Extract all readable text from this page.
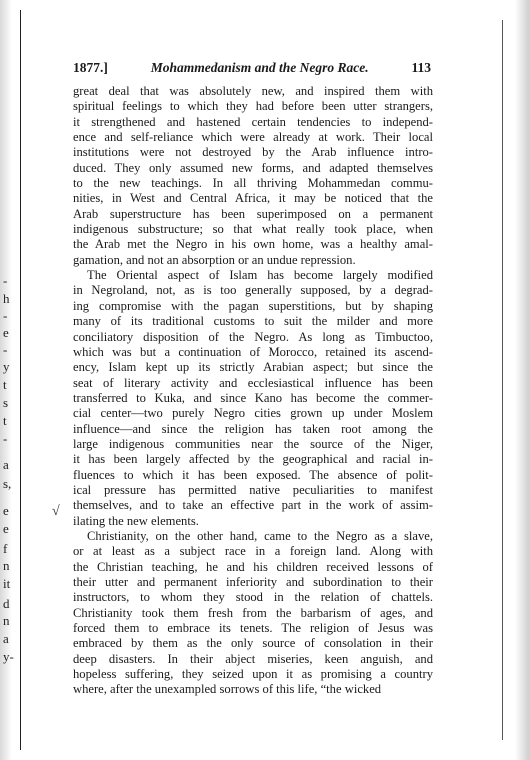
-
h
-
e
-
y
t
s
t
-
a
s,
e
e
f
n
it
d
n
a
y-
√
1877.]	Mohammedanism and the Negro Race.	113
great deal that was absolutely new, and inspired them with
spiritual feelings to which they had before been utter strangers,
it strengthened and hastened certain tendencies to independ-
ence and self-reliance which were already at work. Their local
institutions were not destroyed by the Arab influence intro-
duced. They only assumed new forms, and adapted themselves
to the new teachings. In all thriving Mohammedan commu-
nities, in West and Central Africa, it may be noticed that the
Arab superstructure has been superimposed on a permanent
indigenous substructure; so that what really took place, when
the Arab met the Negro in his own home, was a healthy amal-
gamation, and not an absorption or an undue repression.
The Oriental aspect of Islam has become largely modified
in Negroland, not, as is too generally supposed, by a degrad-
ing compromise with the pagan superstitions, but by shaping
many of its traditional customs to suit the milder and more
conciliatory disposition of the Negro. As long as Timbuctoo,
which was but a continuation of Morocco, retained its ascend-
ency, Islam kept up its strictly Arabian aspect; but since the
seat of literary activity and ecclesiastical influence has been
transferred to Kuka, and since Kano has become the commer-
cial center—two purely Negro cities grown up under Moslem
influence—and since the religion has taken root among the
large indigenous communities near the source of the Niger,
it has been largely affected by the geographical and racial in-
fluences to which it has been exposed. The absence of polit-
ical pressure has permitted native peculiarities to manifest
themselves, and to take an effective part in the work of assim-
ilating the new elements.
Christianity, on the other hand, came to the Negro as a slave,
or at least as a subject race in a foreign land. Along with
the Christian teaching, he and his children received lessons of
their utter and permanent inferiority and subordination to their
instructors, to whom they stood in the relation of chattels.
Christianity took them fresh from the barbarism of ages, and
forced them to embrace its tenets. The religion of Jesus was
embraced by them as the only source of consolation in their
deep disasters. In their abject miseries, keen anguish, and
hopeless suffering, they seized upon it as promising a country
where, after the unexampled sorrows of this life, “the wicked
